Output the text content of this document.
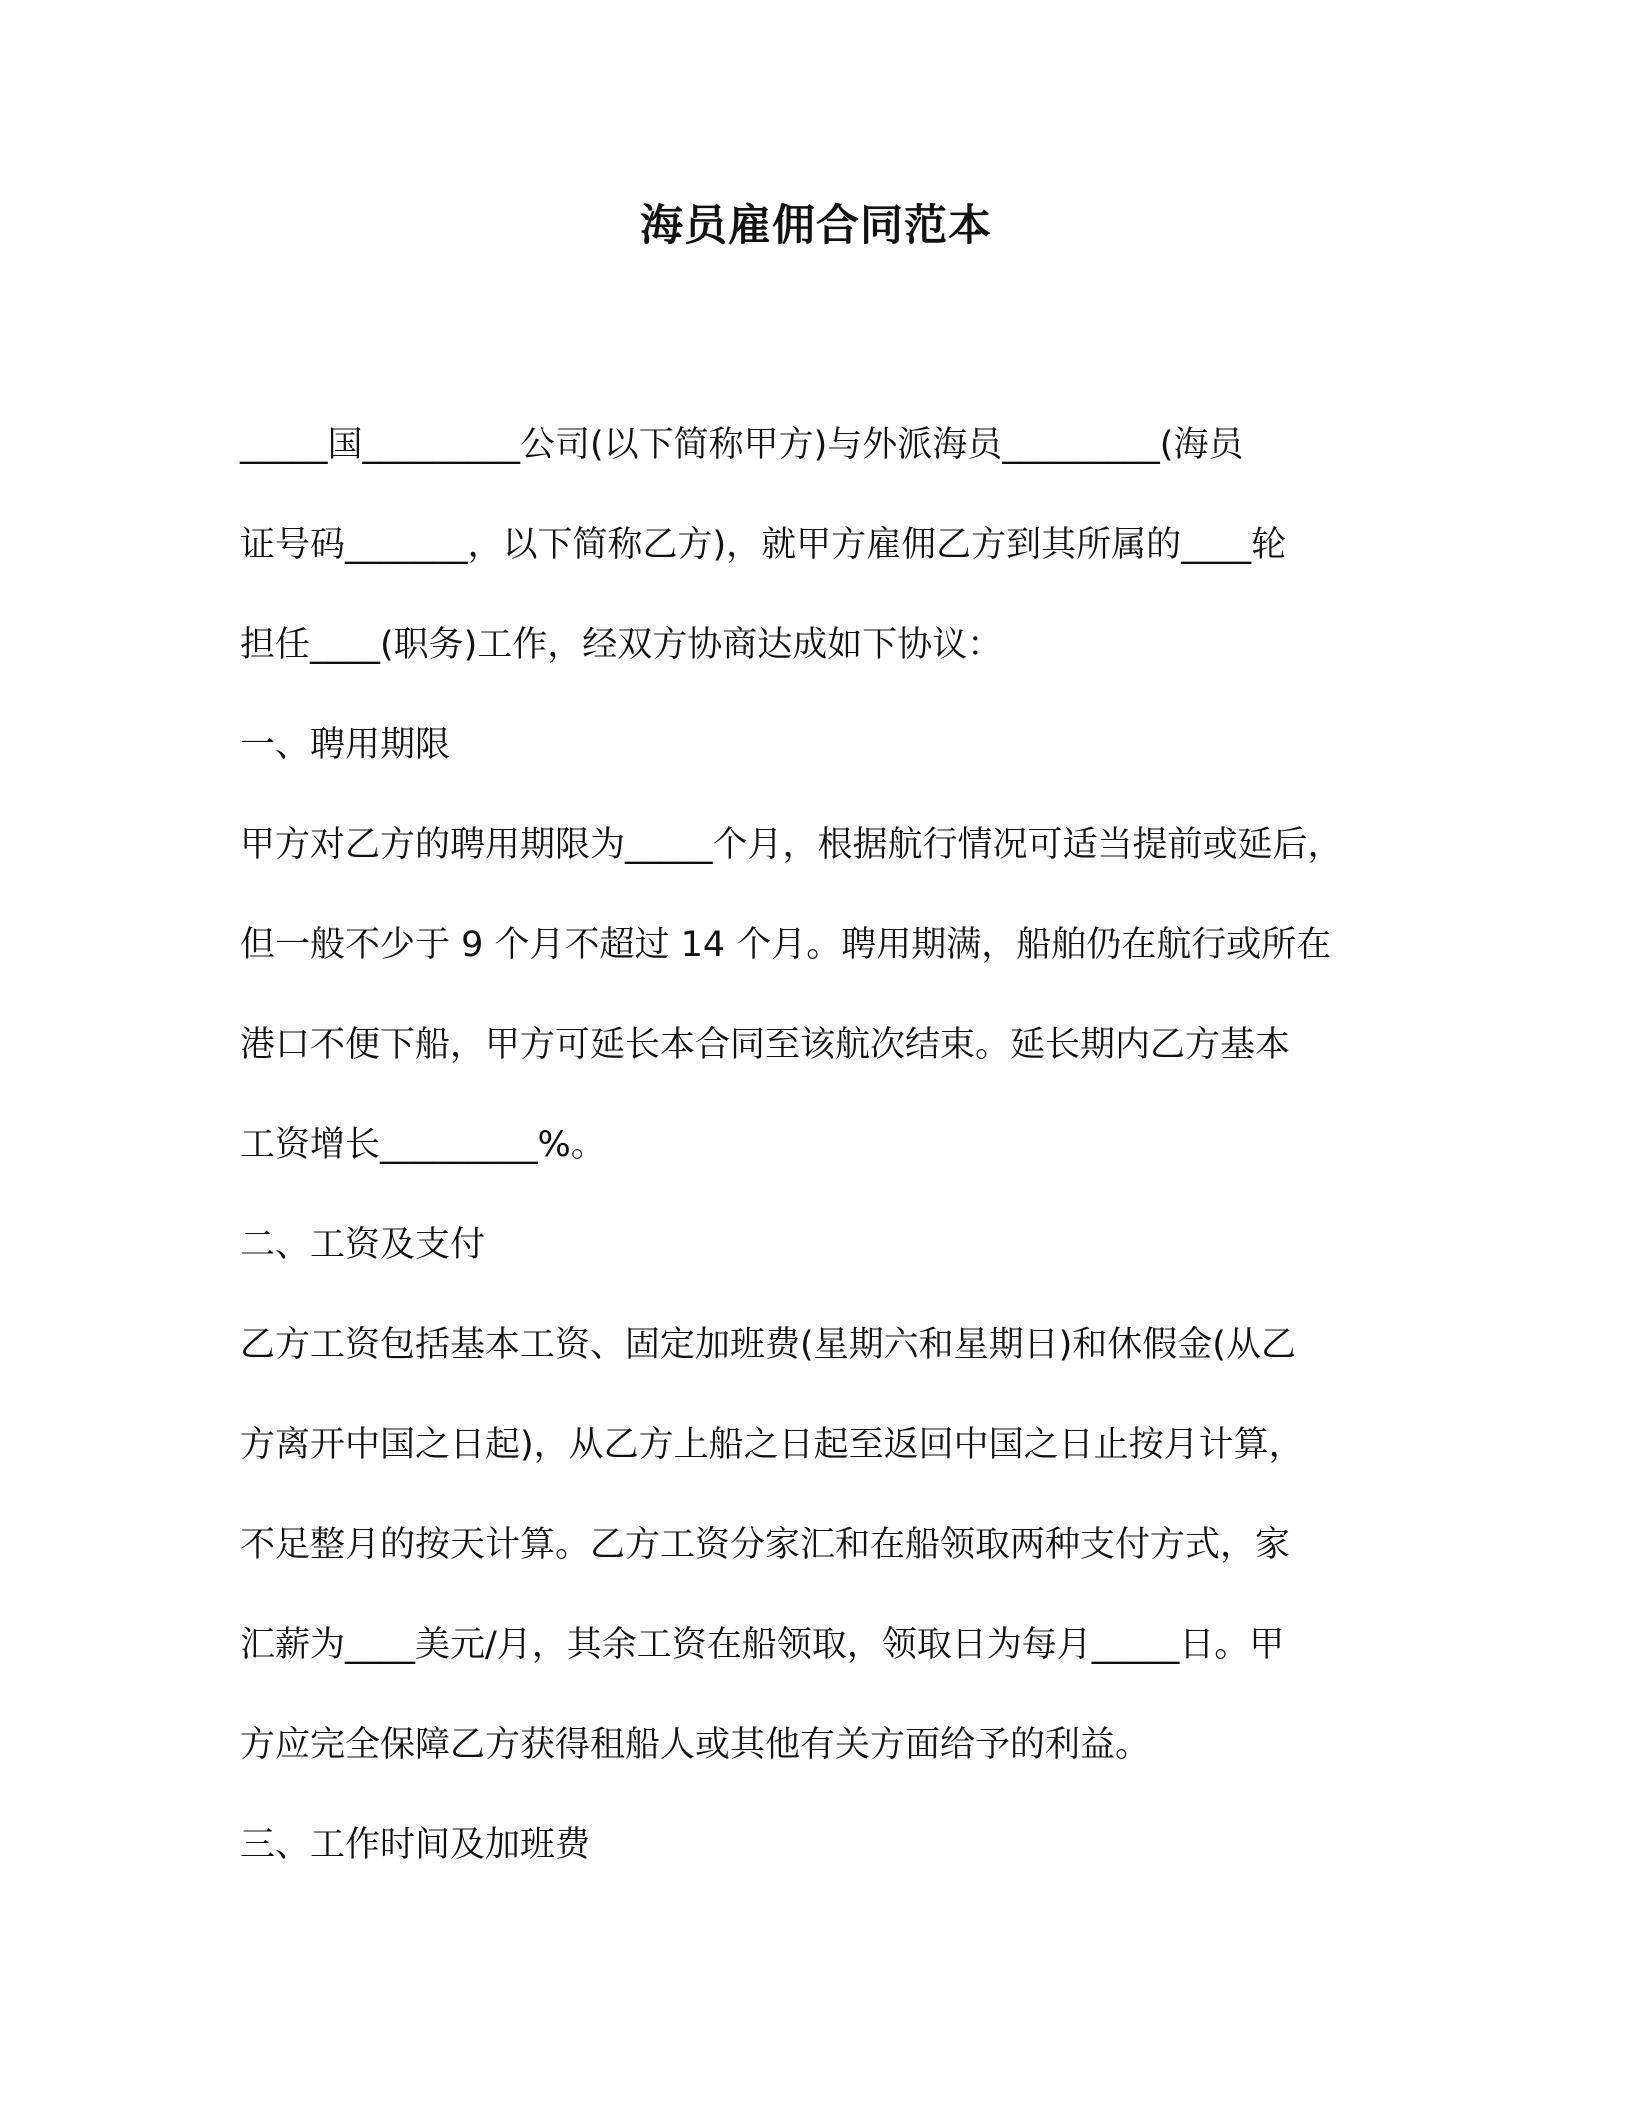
海员雇佣合同范本
_____国_________公司(以下简称甲方)与外派海员_________(海员
证号码_______，以下简称乙方)，就甲方雇佣乙方到其所属的____轮
担任____(职务)工作，经双方协商达成如下协议：
一、聘用期限
甲方对乙方的聘用期限为_____个月，根据航行情况可适当提前或延后，
但一般不少于 9 个月不超过 14 个月。聘用期满，船舶仍在航行或所在
港口不便下船，甲方可延长本合同至该航次结束。延长期内乙方基本
工资增长_________%。
二、工资及支付
乙方工资包括基本工资、固定加班费(星期六和星期日)和休假金(从乙
方离开中国之日起)，从乙方上船之日起至返回中国之日止按月计算，
不足整月的按天计算。乙方工资分家汇和在船领取两种支付方式，家
汇薪为____美元/月，其余工资在船领取，领取日为每月_____日。甲
方应完全保障乙方获得租船人或其他有关方面给予的利益。
三、工作时间及加班费
